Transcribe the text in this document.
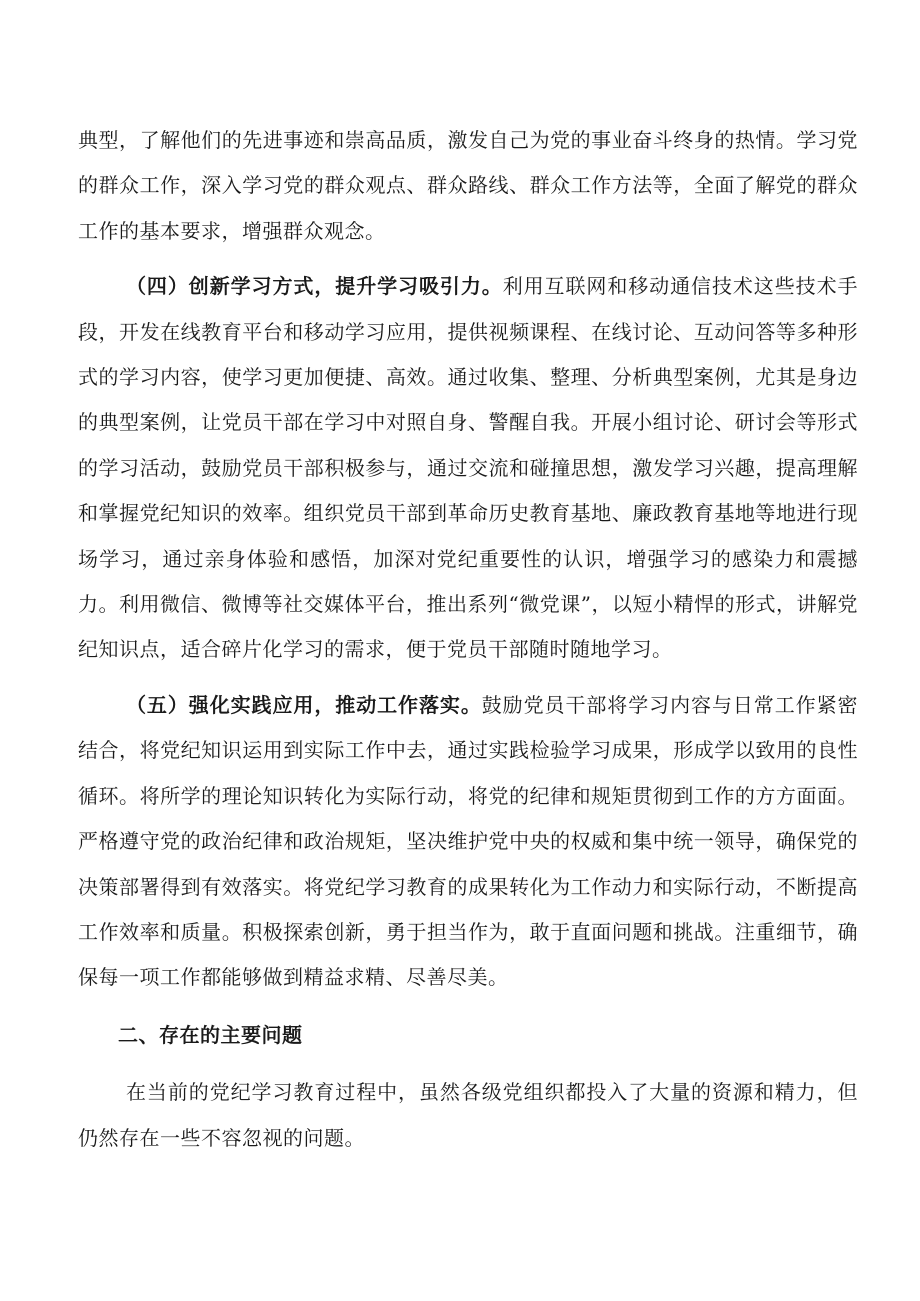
典型，了解他们的先进事迹和崇高品质，激发自己为党的事业奋斗终身的热情。学习党的群众工作，深入学习党的群众观点、群众路线、群众工作方法等，全面了解党的群众工作的基本要求，增强群众观念。

（四）创新学习方式，提升学习吸引力。利用互联网和移动通信技术这些技术手段，开发在线教育平台和移动学习应用，提供视频课程、在线讨论、互动问答等多种形式的学习内容，使学习更加便捷、高效。通过收集、整理、分析典型案例，尤其是身边的典型案例，让党员干部在学习中对照自身、警醒自我。开展小组讨论、研讨会等形式的学习活动，鼓励党员干部积极参与，通过交流和碰撞思想，激发学习兴趣，提高理解和掌握党纪知识的效率。组织党员干部到革命历史教育基地、廉政教育基地等地进行现场学习，通过亲身体验和感悟，加深对党纪重要性的认识，增强学习的感染力和震撼力。利用微信、微博等社交媒体平台，推出系列“微党课”，以短小精悍的形式，讲解党纪知识点，适合碎片化学习的需求，便于党员干部随时随地学习。

（五）强化实践应用，推动工作落实。鼓励党员干部将学习内容与日常工作紧密结合，将党纪知识运用到实际工作中去，通过实践检验学习成果，形成学以致用的良性循环。将所学的理论知识转化为实际行动，将党的纪律和规矩贯彻到工作的方方面面。严格遵守党的政治纪律和政治规矩，坚决维护党中央的权威和集中统一领导，确保党的决策部署得到有效落实。将党纪学习教育的成果转化为工作动力和实际行动，不断提高工作效率和质量。积极探索创新，勇于担当作为，敢于直面问题和挑战。注重细节，确保每一项工作都能够做到精益求精、尽善尽美。

二、存在的主要问题

在当前的党纪学习教育过程中，虽然各级党组织都投入了大量的资源和精力，但仍然存在一些不容忽视的问题。
